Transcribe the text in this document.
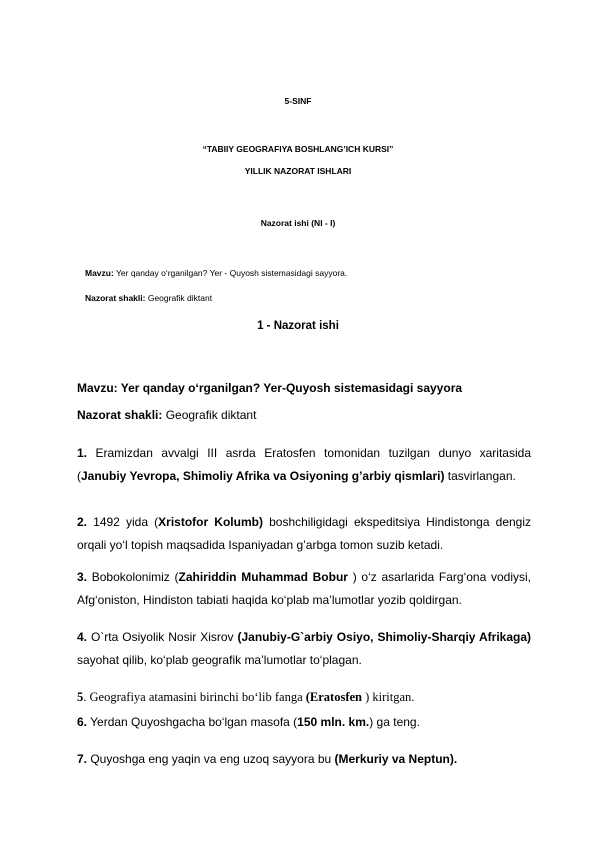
5-SINF
“TABIIY GEOGRAFIYA BOSHLANG’ICH KURSI”
YILLIK NAZORAT ISHLARI
Nazorat ishi (NI - I)
Mavzu: Yer qanday o‘rganilgan? Yer - Quyosh sistemasidagi sayyora.
Nazorat shakli: Geografik diktant
1 - Nazorat ishi
Mavzu: Yer qanday o‘rganilgan? Yer-Quyosh sistemasidagi sayyora
Nazorat shakli: Geografik diktant
1. Eramizdan avvalgi III asrda Eratosfen tomonidan tuzilgan dunyo xaritasida (Janubiy Yevropa, Shimoliy Afrika va Osiyoning g’arbiy qismlari) tasvirlangan.
2. 1492 yida (Xristofor Kolumb) boshchiligidagi ekspeditsiya Hindistonga dengiz orqali yo‘l topish maqsadida Ispaniyadan g’arbga tomon suzib ketadi.
3. Bobokolonimiz (Zahiriddin Muhammad Bobur ) o‘z asarlarida Farg‘ona vodiysi, Afg‘oniston, Hindiston tabiati haqida ko‘plab ma’lumotlar yozib qoldirgan.
4. O`rta Osiyolik Nosir Xisrov (Janubiy-G`arbiy Osiyo, Shimoliy-Sharqiy Afrikaga) sayohat qilib, ko‘plab geografik ma’lumotlar to‘plagan.
5. Geografiya atamasini birinchi bo‘lib fanga (Eratosfen ) kiritgan.
6. Yerdan Quyoshgacha bo‘lgan masofa (150 mln. km.) ga teng.
7. Quyoshga eng yaqin va eng uzoq sayyora bu (Merkuriy va Neptun).
